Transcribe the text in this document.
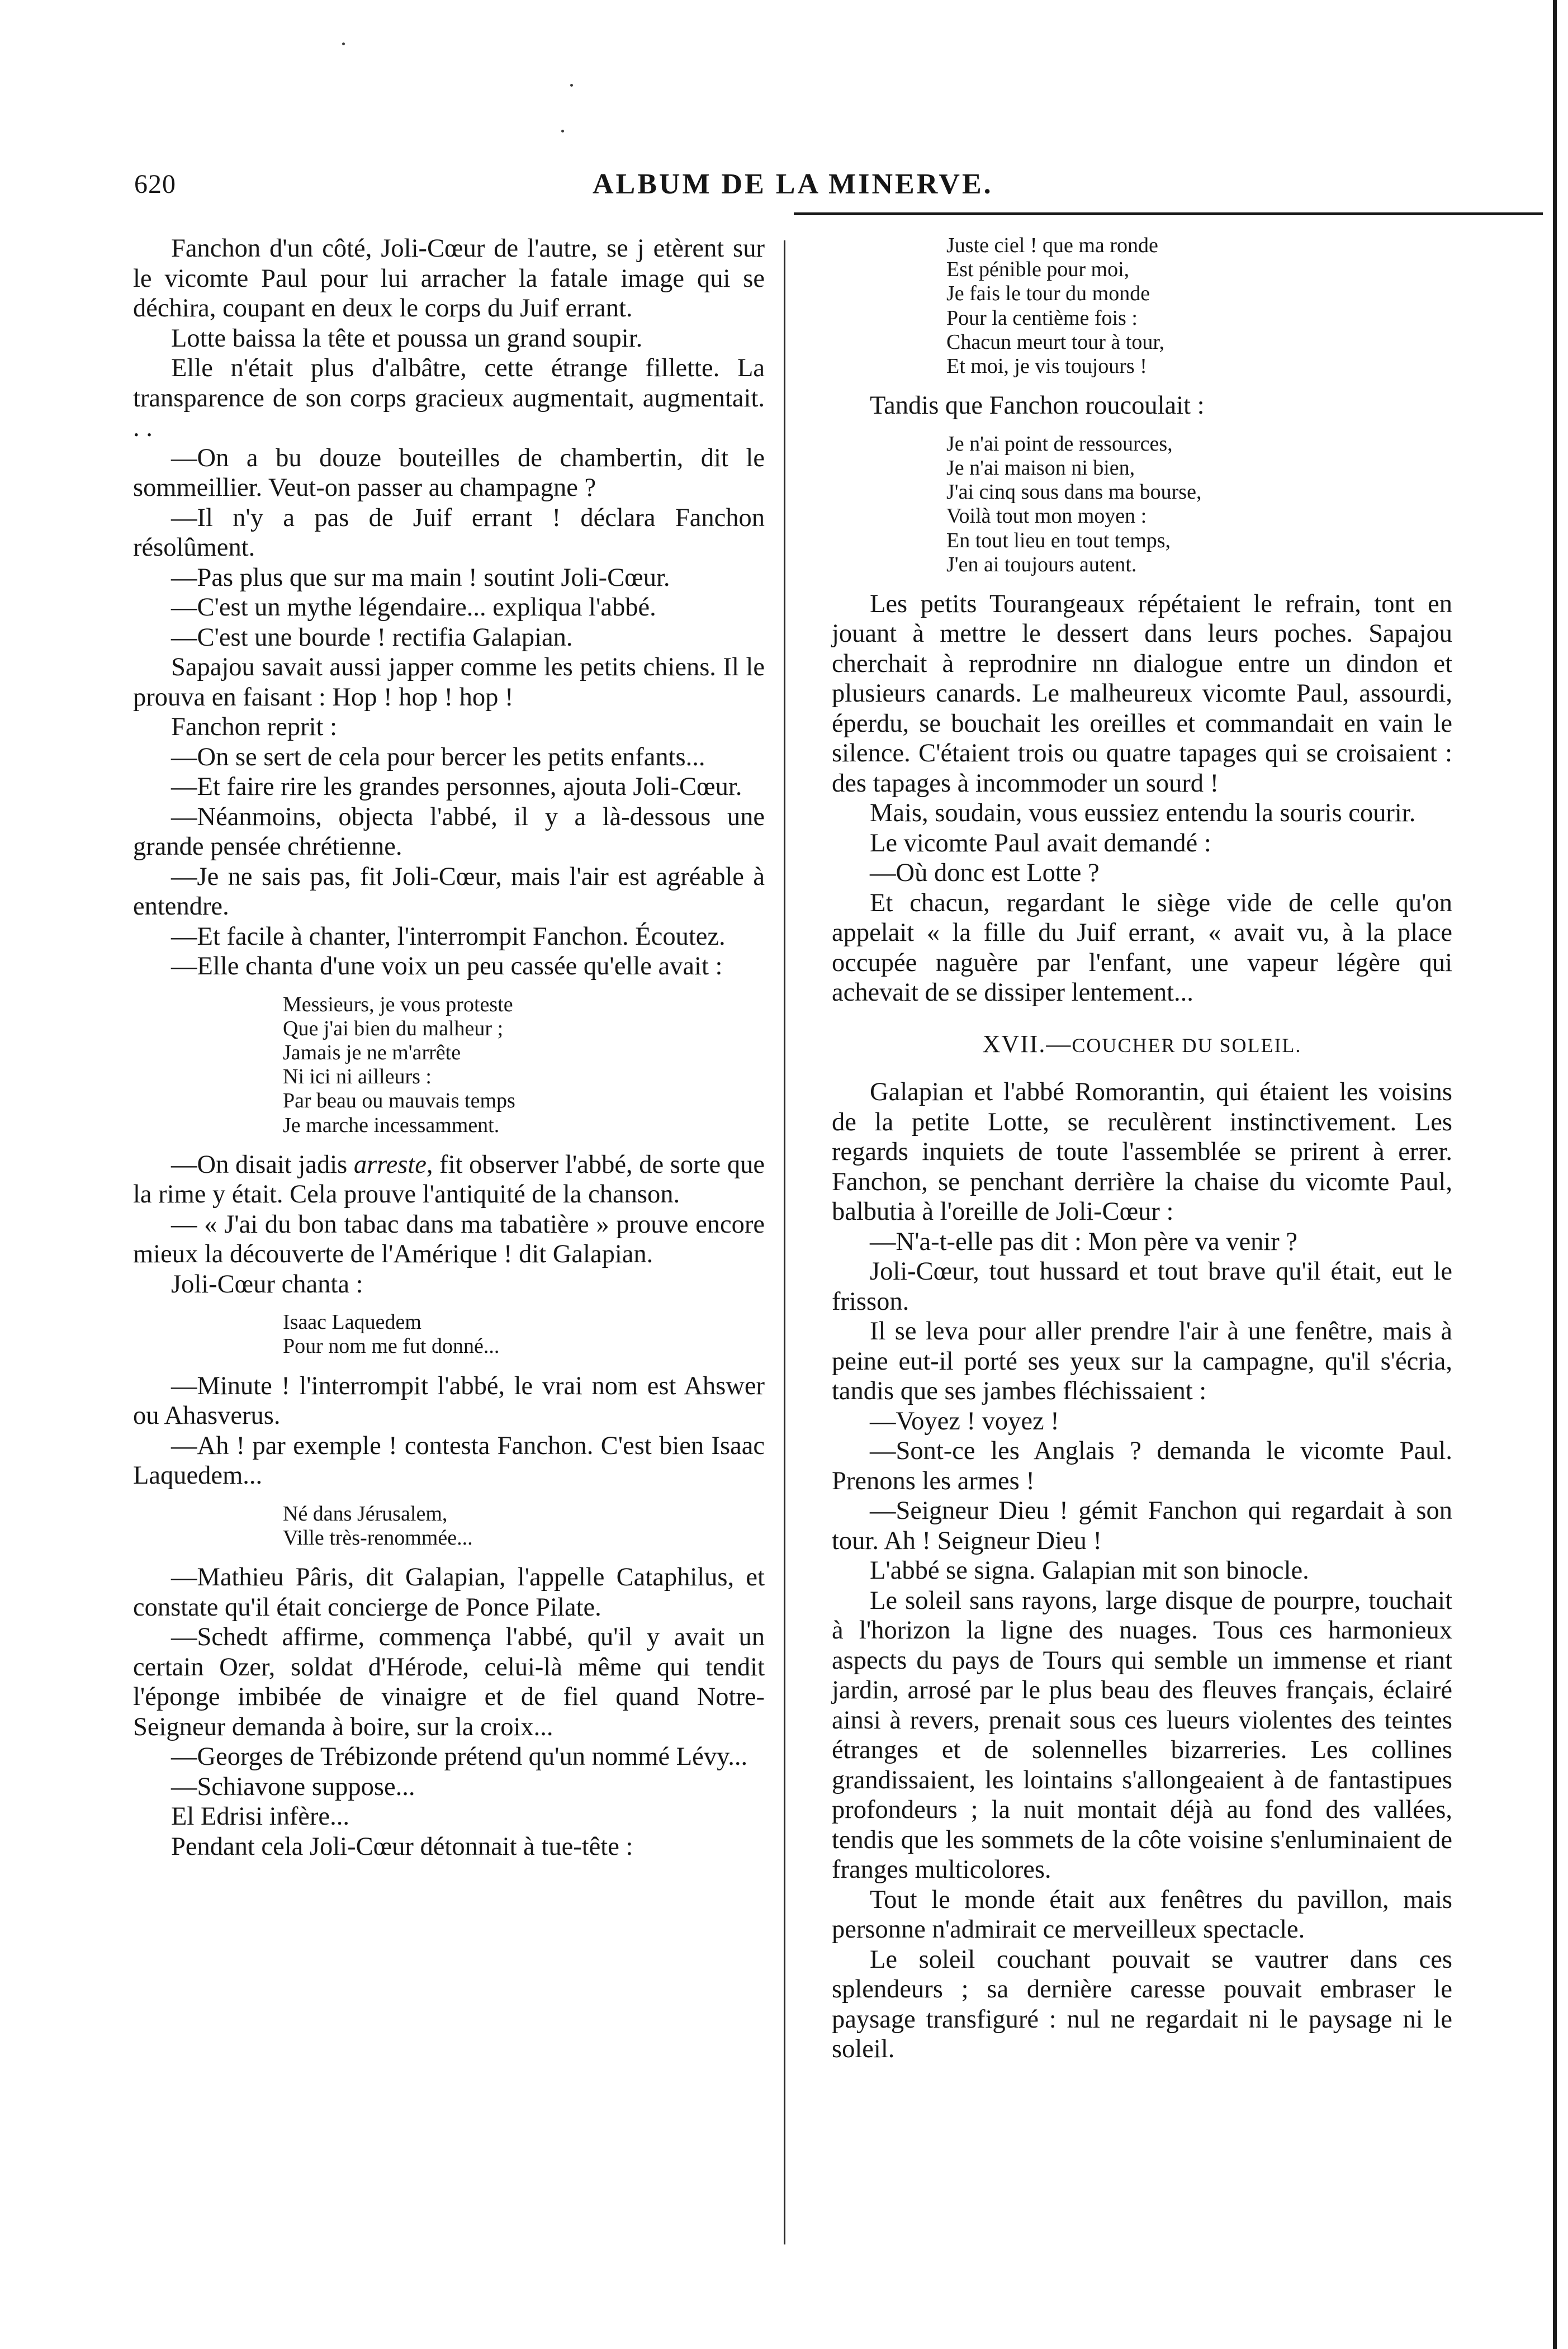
620	ALBUM DE LA MINERVE.

Fanchon d'un côté, Joli-Cœur de l'autre, se j etèrent sur le vicomte Paul pour lui arracher la fatale image qui se déchira, coupant en deux le corps du Juif errant.

Lotte baissa la tête et poussa un grand soupir.

Elle n'était plus d'albâtre, cette étrange fillette. La transparence de son corps gracieux augmentait, augmentait. . .

—On a bu douze bouteilles de chambertin, dit le sommeillier. Veut-on passer au champagne ?

—Il n'y a pas de Juif errant ! déclara Fanchon résolûment.

—Pas plus que sur ma main ! soutint Joli-Cœur.

—C'est un mythe légendaire... expliqua l'abbé.

—C'est une bourde ! rectifia Galapian.

Sapajou savait aussi japper comme les petits chiens. Il le prouva en faisant : Hop ! hop ! hop !

Fanchon reprit :

—On se sert de cela pour bercer les petits enfants...

—Et faire rire les grandes personnes, ajouta Joli-Cœur.

—Néanmoins, objecta l'abbé, il y a là-dessous une grande pensée chrétienne.

—Je ne sais pas, fit Joli-Cœur, mais l'air est agréable à entendre.

—Et facile à chanter, l'interrompit Fanchon. Écoutez.

—Elle chanta d'une voix un peu cassée qu'elle avait :

Messieurs, je vous proteste
Que j'ai bien du malheur ;
Jamais je ne m'arrête
Ni ici ni ailleurs :
Par beau ou mauvais temps
Je marche incessamment.

—On disait jadis arreste, fit observer l'abbé, de sorte que la rime y était. Cela prouve l'antiquité de la chanson.

— « J'ai du bon tabac dans ma tabatière » prouve encore mieux la découverte de l'Amérique ! dit Galapian.

Joli-Cœur chanta :

Isaac Laquedem
Pour nom me fut donné...

—Minute ! l'interrompit l'abbé, le vrai nom est Ahswer ou Ahasverus.

—Ah ! par exemple ! contesta Fanchon. C'est bien Isaac Laquedem...

Né dans Jérusalem,
Ville très-renommée...

—Mathieu Pâris, dit Galapian, l'appelle Cataphilus, et constate qu'il était concierge de Ponce Pilate.

—Schedt affirme, commença l'abbé, qu'il y avait un certain Ozer, soldat d'Hérode, celui-là même qui tendit l'éponge imbibée de vinaigre et de fiel quand Notre-Seigneur demanda à boire, sur la croix...

—Georges de Trébizonde prétend qu'un nommé Lévy...

—Schiavone suppose...

El Edrisi infère...

Pendant cela Joli-Cœur détonnait à tue-tête :

Juste ciel ! que ma ronde
Est pénible pour moi,
Je fais le tour du monde
Pour la centième fois :
Chacun meurt tour à tour,
Et moi, je vis toujours !

Tandis que Fanchon roucoulait :

Je n'ai point de ressources,
Je n'ai maison ni bien,
J'ai cinq sous dans ma bourse,
Voilà tout mon moyen :
En tout lieu en tout temps,
J'en ai toujours autent.

Les petits Tourangeaux répétaient le refrain, tont en jouant à mettre le dessert dans leurs poches. Sapajou cherchait à reprodnire nn dialogue entre un dindon et plusieurs canards. Le malheureux vicomte Paul, assourdi, éperdu, se bouchait les oreilles et commandait en vain le silence. C'étaient trois ou quatre tapages qui se croisaient : des tapages à incommoder un sourd !

Mais, soudain, vous eussiez entendu la souris courir.

Le vicomte Paul avait demandé :

—Où donc est Lotte ?

Et chacun, regardant le siège vide de celle qu'on appelait « la fille du Juif errant, « avait vu, à la place occupée naguère par l'enfant, une vapeur légère qui achevait de se dissiper lentement...

XVII.—COUCHER DU SOLEIL.

Galapian et l'abbé Romorantin, qui étaient les voisins de la petite Lotte, se reculèrent instinctivement. Les regards inquiets de toute l'assemblée se prirent à errer. Fanchon, se penchant derrière la chaise du vicomte Paul, balbutia à l'oreille de Joli-Cœur :

—N'a-t-elle pas dit : Mon père va venir ?

Joli-Cœur, tout hussard et tout brave qu'il était, eut le frisson.

Il se leva pour aller prendre l'air à une fenêtre, mais à peine eut-il porté ses yeux sur la campagne, qu'il s'écria, tandis que ses jambes fléchissaient :

—Voyez ! voyez !

—Sont-ce les Anglais ? demanda le vicomte Paul. Prenons les armes !

—Seigneur Dieu ! gémit Fanchon qui regardait à son tour. Ah ! Seigneur Dieu !

L'abbé se signa. Galapian mit son binocle.

Le soleil sans rayons, large disque de pourpre, touchait à l'horizon la ligne des nuages. Tous ces harmonieux aspects du pays de Tours qui semble un immense et riant jardin, arrosé par le plus beau des fleuves français, éclairé ainsi à revers, prenait sous ces lueurs violentes des teintes étranges et de solennelles bizarreries. Les collines grandissaient, les lointains s'allongeaient à de fantastipues profondeurs ; la nuit montait déjà au fond des vallées, tendis que les sommets de la côte voisine s'enluminaient de franges multicolores.

Tout le monde était aux fenêtres du pavillon, mais personne n'admirait ce merveilleux spectacle.

Le soleil couchant pouvait se vautrer dans ces splendeurs ; sa dernière caresse pouvait embraser le paysage transfiguré : nul ne regardait ni le paysage ni le soleil.
